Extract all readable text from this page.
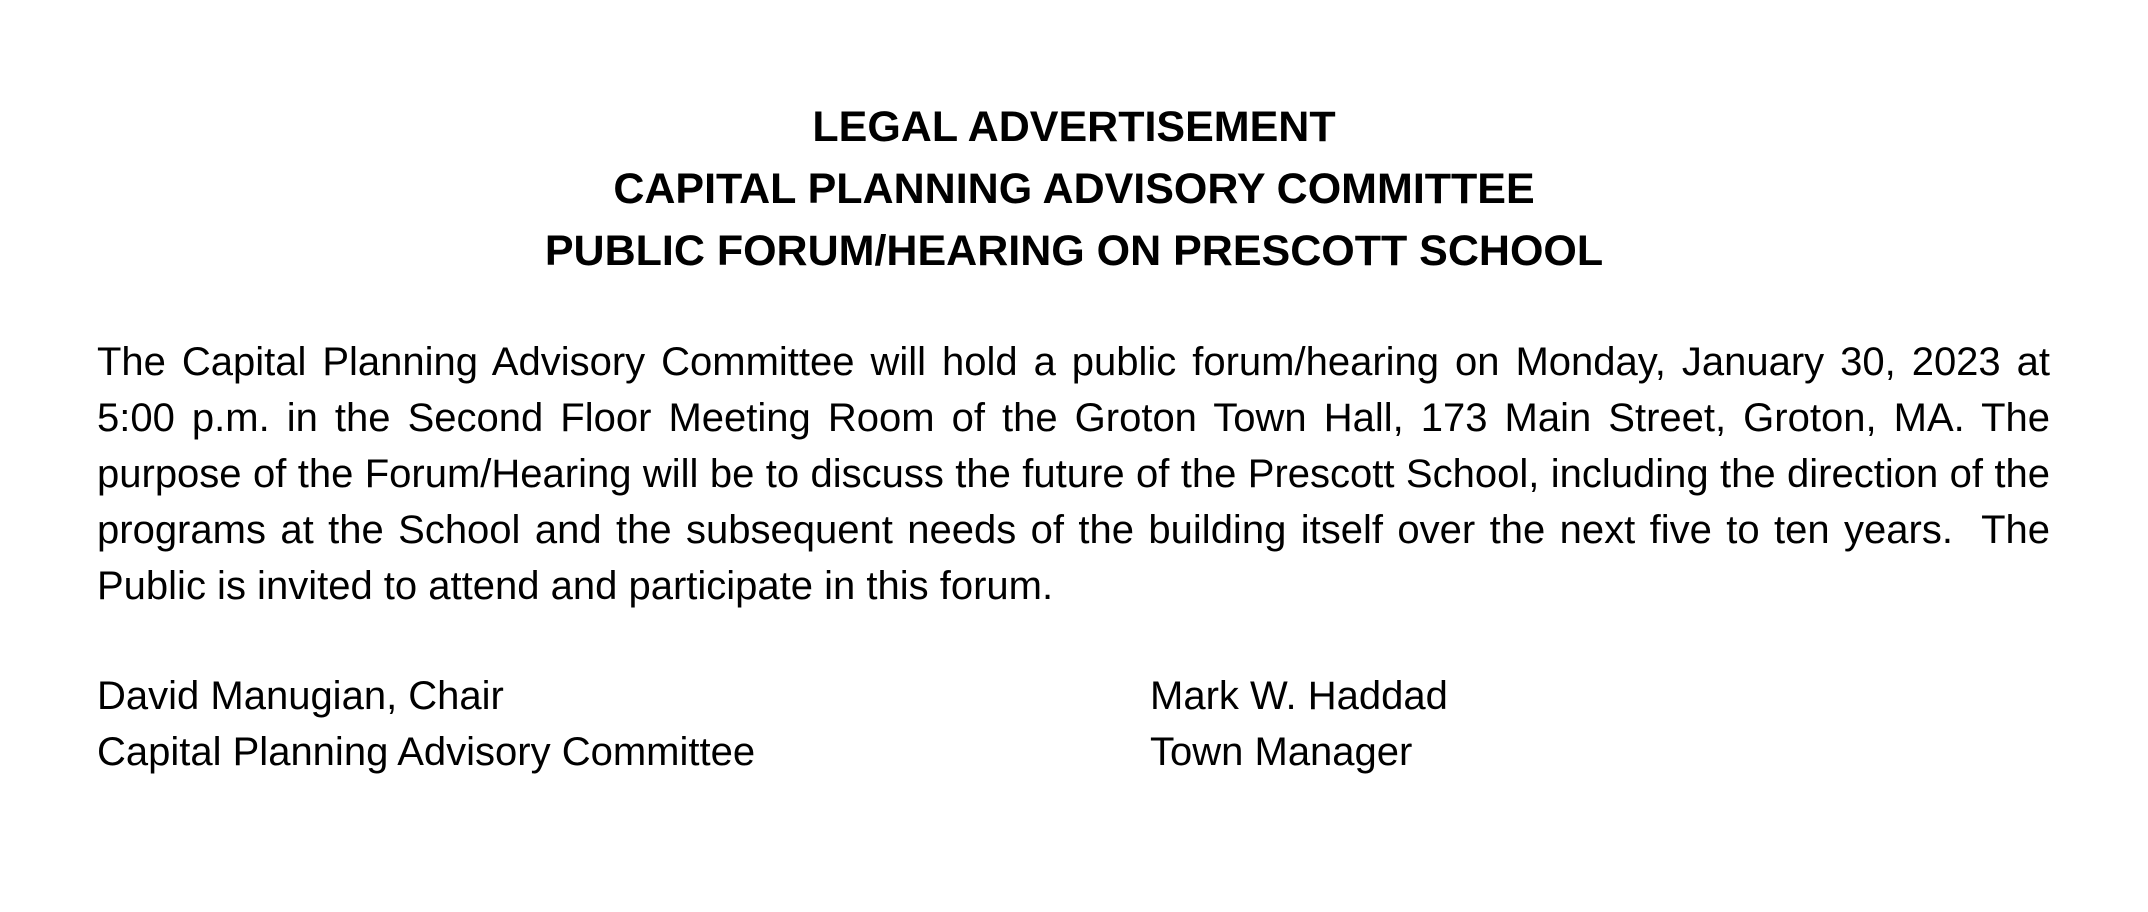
LEGAL ADVERTISEMENT
CAPITAL PLANNING ADVISORY COMMITTEE
PUBLIC FORUM/HEARING ON PRESCOTT SCHOOL
The Capital Planning Advisory Committee will hold a public forum/hearing on Monday, January 30, 2023 at 5:00 p.m. in the Second Floor Meeting Room of the Groton Town Hall, 173 Main Street, Groton, MA. The purpose of the Forum/Hearing will be to discuss the future of the Prescott School, including the direction of the programs at the School and the subsequent needs of the building itself over the next five to ten years.  The Public is invited to attend and participate in this forum.
David Manugian, Chair
Capital Planning Advisory Committee
Mark W. Haddad
Town Manager
